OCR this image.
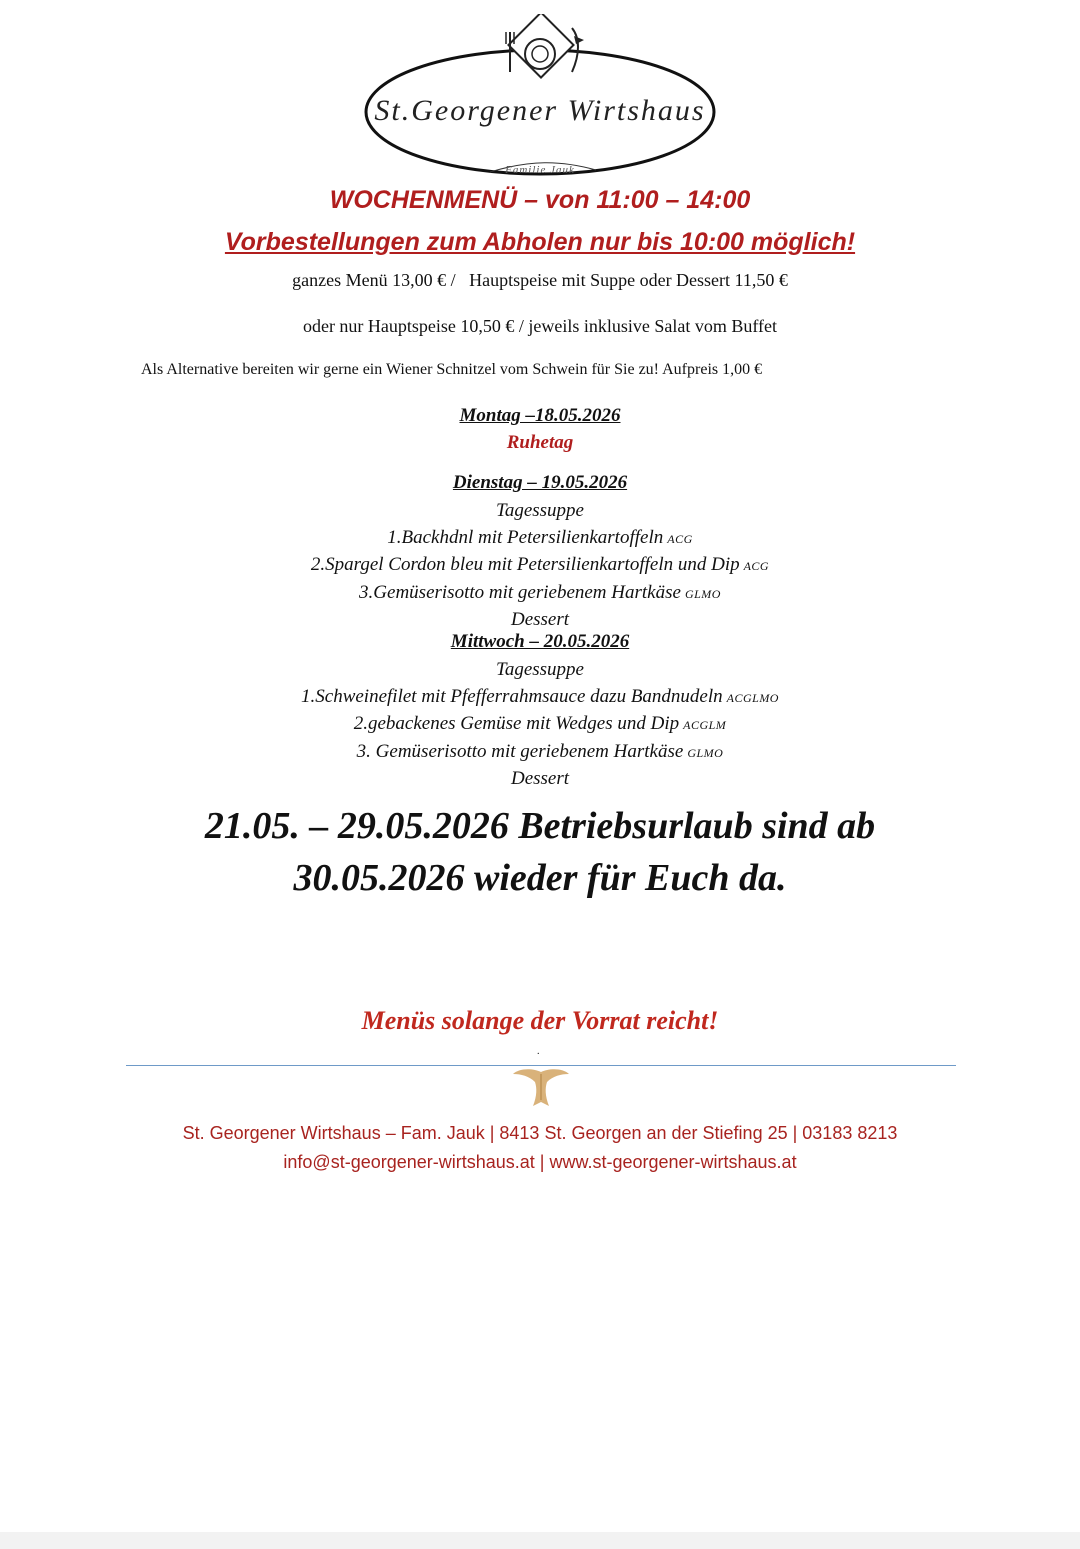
St.Georgener Wirtshaus
Familie Jauk
WOCHENMENÜ – von 11:00 – 14:00
Vorbestellungen zum Abholen nur bis 10:00 möglich!
ganzes Menü 13,00 € /   Hauptspeise mit Suppe oder Dessert 11,50 €
oder nur Hauptspeise 10,50 € / jeweils inklusive Salat vom Buffet
Als Alternative bereiten wir gerne ein Wiener Schnitzel vom Schwein für Sie zu! Aufpreis 1,00 €
Montag –18.05.2026
Ruhetag
Dienstag – 19.05.2026
Tagessuppe
1.Backhdnl mit Petersilienkartoffeln ACG
2.Spargel Cordon bleu mit Petersilienkartoffeln und Dip ACG
3.Gemüserisotto mit geriebenem Hartkäse GLMO
Dessert
Mittwoch – 20.05.2026
Tagessuppe
1.Schweinefilet mit Pfefferrahmsauce dazu Bandnudeln ACGLMO
2.gebackenes Gemüse mit Wedges und Dip ACGLM
3. Gemüserisotto mit geriebenem Hartkäse GLMO
Dessert
21.05. – 29.05.2026 Betriebsurlaub sind ab
30.05.2026 wieder für Euch da.
Menüs solange der Vorrat reicht!
.
St. Georgener Wirtshaus – Fam. Jauk | 8413 St. Georgen an der Stiefing 25 | 03183 8213
info@st-georgener-wirtshaus.at | www.st-georgener-wirtshaus.at
